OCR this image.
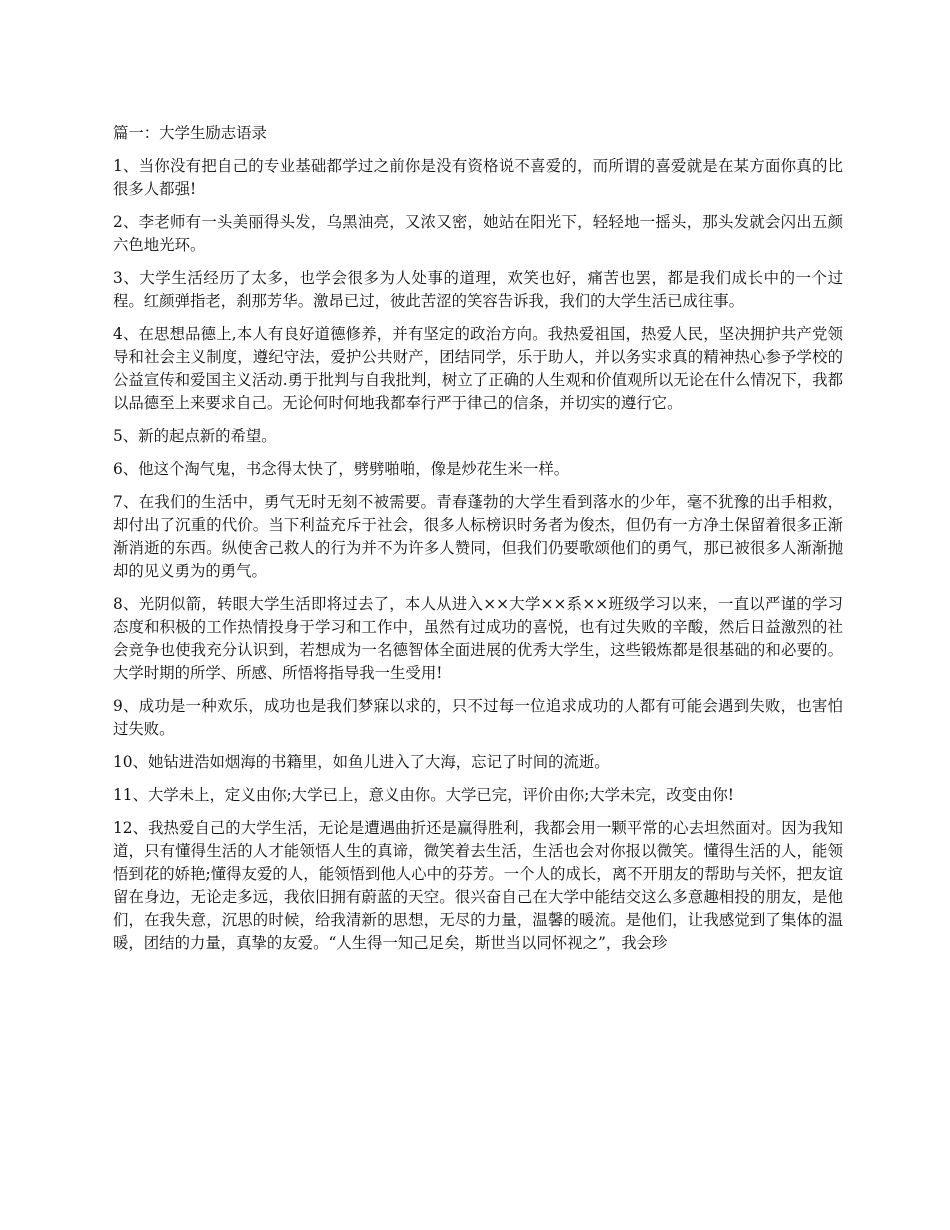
篇一：大学生励志语录

1、当你没有把自己的专业基础都学过之前你是没有资格说不喜爱的，而所谓的喜爱就是在某方面你真的比很多人都强!

2、李老师有一头美丽得头发，乌黑油亮，又浓又密，她站在阳光下，轻轻地一摇头，那头发就会闪出五颜六色地光环。

3、大学生活经历了太多，也学会很多为人处事的道理，欢笑也好，痛苦也罢，都是我们成长中的一个过程。红颜弹指老，刹那芳华。激昂已过，彼此苦涩的笑容告诉我，我们的大学生活已成往事。

4、在思想品德上,本人有良好道德修养，并有坚定的政治方向。我热爱祖国，热爱人民，坚决拥护共产党领导和社会主义制度，遵纪守法，爱护公共财产，团结同学，乐于助人，并以务实求真的精神热心参予学校的公益宣传和爱国主义活动.勇于批判与自我批判，树立了正确的人生观和价值观所以无论在什么情况下，我都以品德至上来要求自己。无论何时何地我都奉行严于律己的信条，并切实的遵行它。

5、新的起点新的希望。

6、他这个淘气鬼，书念得太快了，劈劈啪啪，像是炒花生米一样。

7、在我们的生活中，勇气无时无刻不被需要。青春蓬勃的大学生看到落水的少年，毫不犹豫的出手相救，却付出了沉重的代价。当下利益充斥于社会，很多人标榜识时务者为俊杰，但仍有一方净土保留着很多正渐渐消逝的东西。纵使舍己救人的行为并不为许多人赞同，但我们仍要歌颂他们的勇气，那已被很多人渐渐抛却的见义勇为的勇气。

8、光阴似箭，转眼大学生活即将过去了，本人从进入××大学××系××班级学习以来，一直以严谨的学习态度和积极的工作热情投身于学习和工作中，虽然有过成功的喜悦，也有过失败的辛酸，然后日益激烈的社会竞争也使我充分认识到，若想成为一名德智体全面进展的优秀大学生，这些锻炼都是很基础的和必要的。大学时期的所学、所感、所悟将指导我一生受用!

9、成功是一种欢乐，成功也是我们梦寐以求的，只不过每一位追求成功的人都有可能会遇到失败，也害怕过失败。

10、她钻进浩如烟海的书籍里，如鱼儿进入了大海，忘记了时间的流逝。

11、大学未上，定义由你;大学已上，意义由你。大学已完，评价由你;大学未完，改变由你!

12、我热爱自己的大学生活，无论是遭遇曲折还是赢得胜利，我都会用一颗平常的心去坦然面对。因为我知道，只有懂得生活的人才能领悟人生的真谛，微笑着去生活，生活也会对你报以微笑。懂得生活的人，能领悟到花的娇艳;懂得友爱的人，能领悟到他人心中的芬芳。一个人的成长，离不开朋友的帮助与关怀，把友谊留在身边，无论走多远，我依旧拥有蔚蓝的天空。很兴奋自己在大学中能结交这么多意趣相投的朋友，是他们，在我失意，沉思的时候，给我清新的思想，无尽的力量，温馨的暖流。是他们，让我感觉到了集体的温暖，团结的力量，真挚的友爱。“人生得一知己足矣，斯世当以同怀视之”，我会珍
